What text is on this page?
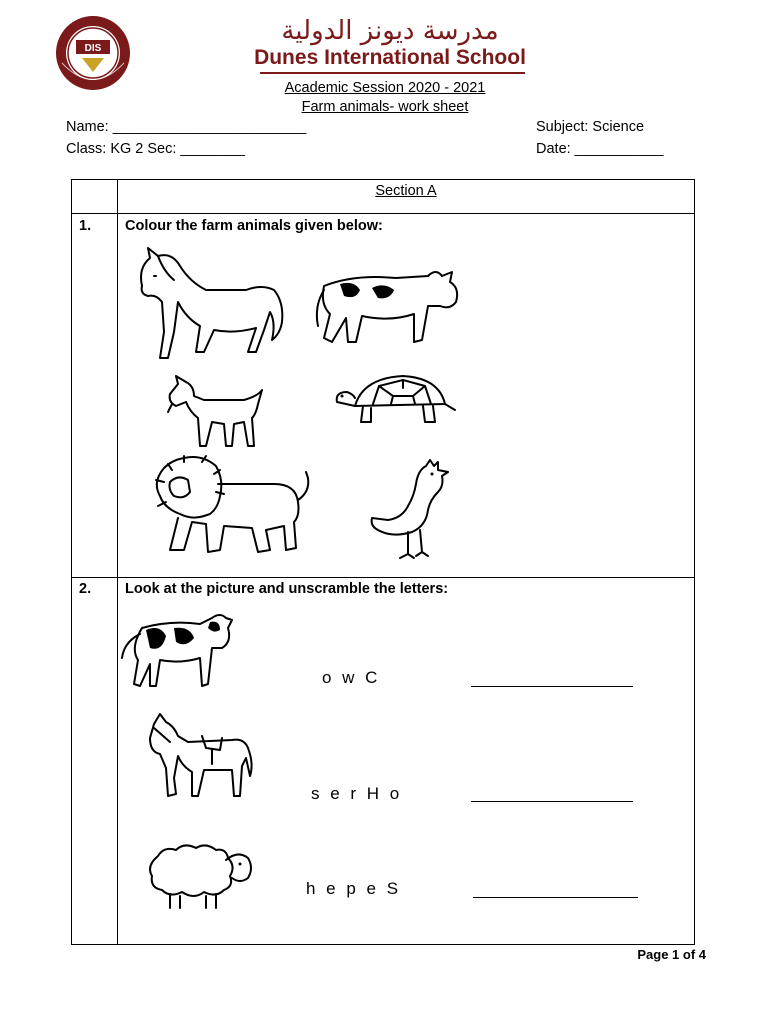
DIS
مدرسة ديونز الدولية
Dunes International School
Academic Session 2020 - 2021
Farm animals- work sheet
Name: ________________________
Class: KG 2 Sec: ________
Subject: Science
Date: ___________
Section A
1. Colour the farm animals given below:
2. Look at the picture and unscramble the letters:
o w C
s e r H o
h e p e S
Page 1 of 4
